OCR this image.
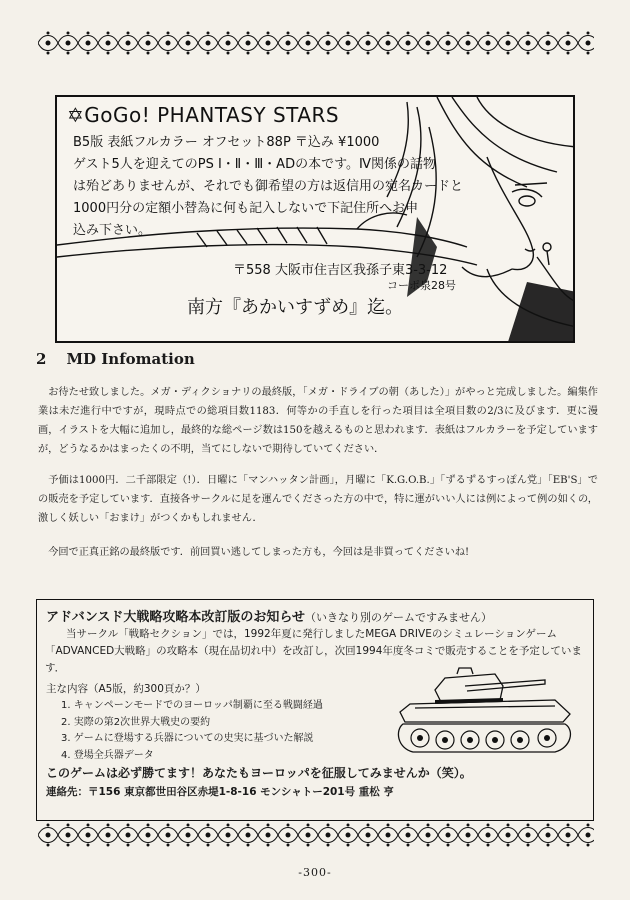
✡GoGo! PHANTASY STARS
B5版 表紙フルカラー オフセット88P 〒込み ¥1000
ゲスト5人を迎えてのPS Ⅰ・Ⅱ・Ⅲ・ADの本です。Ⅳ関係の話物
は殆どありませんが、それでも御希望の方は返信用の宛名カードと
1000円分の定額小替為に何も記入しないで下記住所へお申
込み下さい。
〒558 大阪市住吉区我孫子東3-3-12
コーポ泉28号
南方『あかいすずめ』迄。
2 MD Infomation

お待たせ致しました。メガ・ディクショナリの最終版，「メガ・ドライブの朝（あした）」がやっと完成しました。編集作業は未だ進行中ですが，現時点での総項目数1183．何等かの手直しを行った項目は全項目数の2/3に及びます．更に漫画，イラストを大幅に追加し，最終的な総ページ数は150を越えるものと思われます．表紙はフルカラーを予定していますが，どうなるかはまったくの不明，当てにしないで期待していてください．

予価は1000円．二千部限定（!）．日曜に「マンハッタン計画」，月曜に「K.G.O.B.」「ずるずるすっぽん党」「EB'S」での販売を予定しています．直接各サークルに足を運んでくださった方の中で，特に運がいい人には例によって例の如くの，激しく妖しい「おまけ」がつくかもしれません．

今回で正真正銘の最終版です．前回買い逃してしまった方も，今回は是非買ってくださいね!

アドバンスド大戦略攻略本改訂版のお知らせ（いきなり別のゲームですみません）

当サークル「戦略セクション」では，1992年夏に発行しましたMEGA DRIVEのシミュレーションゲーム「ADVANCED大戦略」の攻略本（現在品切れ中）を改訂し，次回1994年度冬コミで販売することを予定しています．

主な内容（A5版，約300頁か？）
1. キャンペーンモードでのヨーロッパ制覇に至る戦闘経過
2. 実際の第2次世界大戦史の要約
3. ゲームに登場する兵器についての史実に基づいた解説
4. 登場全兵器データ
このゲームは必ず勝てます！あなたもヨーロッパを征服してみませんか（笑）。
連絡先：〒156 東京都世田谷区赤堤1-8-16 モンシャトー201号 重松 亨
-300-
